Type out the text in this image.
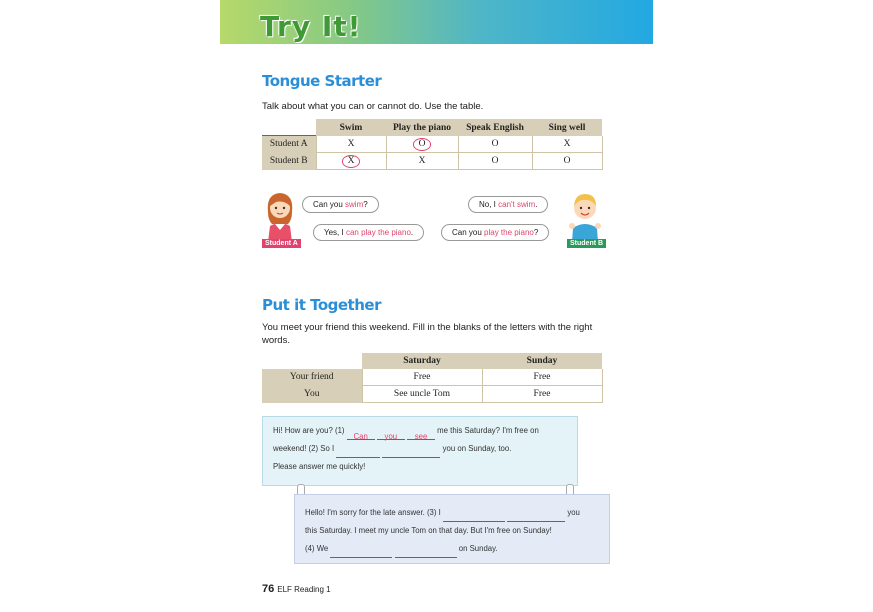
Try It!
Tongue Starter
Talk about what you can or cannot do. Use the table.
Swim	Play the piano	Speak English	Sing well
Student A	X	O	O	X
Student B	X	X	O	O
Student A	Student B
Can you swim?
Yes, I can play the piano.
No, I can't swim.
Can you play the piano?
Put it Together
You meet your friend this weekend. Fill in the blanks of the letters with the right
words.
	Saturday	Sunday
Your friend	Free	Free
You	See uncle Tom	Free
Hi! How are you? (1) Can you see me this Saturday? I'm free on
weekend! (2) So I	you on Sunday, too.
Please answer me quickly!
Hello! I'm sorry for the late answer. (3) I	you
this Saturday. I meet my uncle Tom on that day. But I'm free on Sunday!
(4) We	on Sunday.
76 ELF Reading 1
